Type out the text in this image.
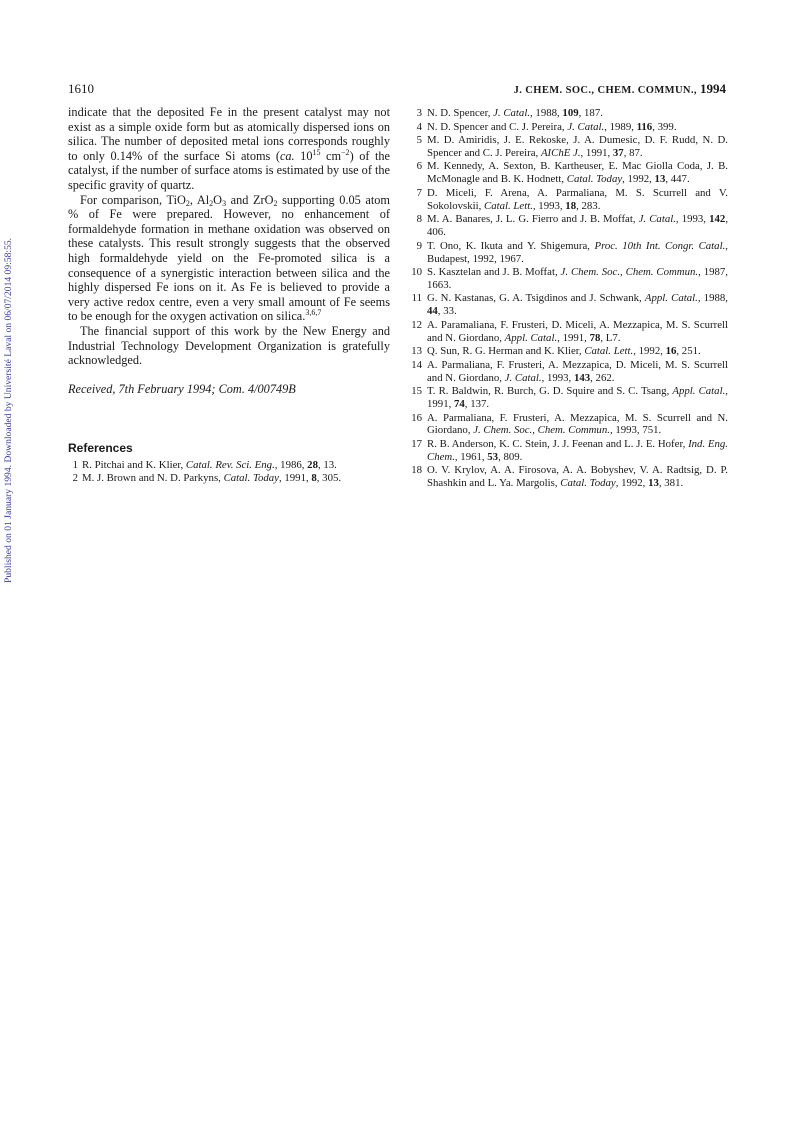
Published on 01 January 1994. Downloaded by Université Laval on 06/07/2014 09:58:55.
1610	J. CHEM. SOC., CHEM. COMMUN., 1994

indicate that the deposited Fe in the present catalyst may not exist as a simple oxide form but as atomically dispersed ions on silica. The number of deposited metal ions corresponds roughly to only 0.14% of the surface Si atoms (ca. $10^{15}$ $cm^{-2}$) of the catalyst, if the number of surface atoms is estimated by use of the specific gravity of quartz.

For comparison, TiO$_2$, $Al_2O_3$ and ZrO$_2$ supporting 0.05 atom % of Fe were prepared. However, no enhancement of formaldehyde formation in methane oxidation was observed on these catalysts. This result strongly suggests that the observed high formaldehyde yield on the Fe-promoted silica is a consequence of a synergistic interaction between silica and the highly dispersed Fe ions on it. As Fe is believed to provide a very active redox centre, even a very small amount of Fe seems to be enough for the oxygen activation on silica.$^{3,6,7}$

The financial support of this work by the New Energy and Industrial Technology Development Organization is gratefully acknowledged.

Received, 7th February 1994; Com. 4/00749B

References
1 R. Pitchai and K. Klier, Catal. Rev. Sci. Eng., 1986, 28, 13.
2 M. J. Brown and N. D. Parkyns, Catal. Today, 1991, 8, 305.
3 N. D. Spencer, J. Catal., 1988, 109, 187.
4 N. D. Spencer and C. J. Pereira, J. Catal., 1989, 116, 399.
5 M. D. Amiridis, J. E. Rekoske, J. A. Dumesic, D. F. Rudd, N. D. Spencer and C. J. Pereira, AIChE J., 1991, 37, 87.
6 M. Kennedy, A. Sexton, B. Kartheuser, E. Mac Giolla Coda, J. B. McMonagle and B. K. Hodnett, Catal. Today, 1992, 13, 447.
7 D. Miceli, F. Arena, A. Parmaliana, M. S. Scurrell and V. Sokolovskii, Catal. Lett., 1993, 18, 283.
8 M. A. Banares, J. L. G. Fierro and J. B. Moffat, J. Catal., 1993, 142, 406.
9 T. Ono, K. Ikuta and Y. Shigemura, Proc. 10th Int. Congr. Catal., Budapest, 1992, 1967.
10 S. Kasztelan and J. B. Moffat, J. Chem. Soc., Chem. Commun., 1987, 1663.
11 G. N. Kastanas, G. A. Tsigdinos and J. Schwank, Appl. Catal., 1988, 44, 33.
12 A. Paramaliana, F. Frusteri, D. Miceli, A. Mezzapica, M. S. Scurrell and N. Giordano, Appl. Catal., 1991, 78, L7.
13 Q. Sun, R. G. Herman and K. Klier, Catal. Lett., 1992, 16, 251.
14 A. Parmaliana, F. Frusteri, A. Mezzapica, D. Miceli, M. S. Scurrell and N. Giordano, J. Catal., 1993, 143, 262.
15 T. R. Baldwin, R. Burch, G. D. Squire and S. C. Tsang, Appl. Catal., 1991, 74, 137.
16 A. Parmaliana, F. Frusteri, A. Mezzapica, M. S. Scurrell and N. Giordano, J. Chem. Soc., Chem. Commun., 1993, 751.
17 R. B. Anderson, K. C. Stein, J. J. Feenan and L. J. E. Hofer, Ind. Eng. Chem., 1961, 53, 809.
18 O. V. Krylov, A. A. Firosova, A. A. Bobyshev, V. A. Radtsig, D. P. Shashkin and L. Ya. Margolis, Catal. Today, 1992, 13, 381.
